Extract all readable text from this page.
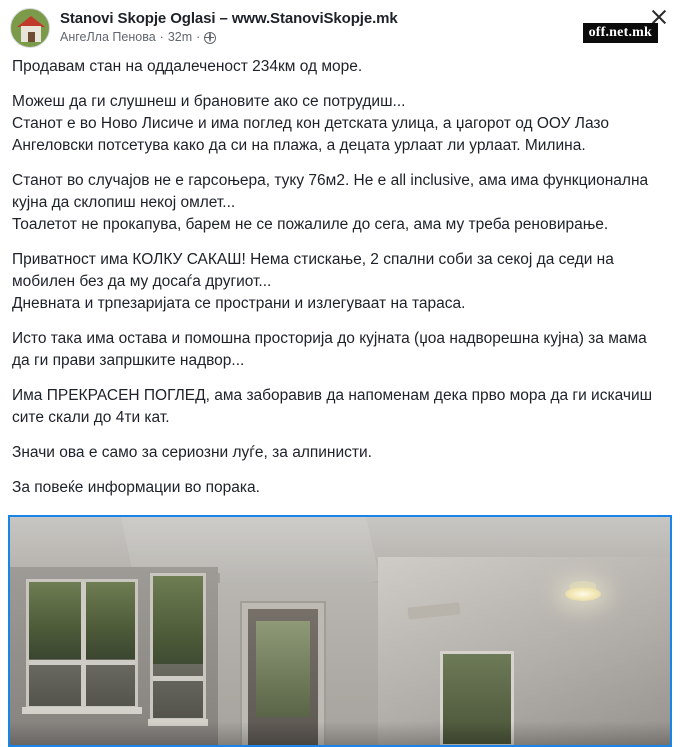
Stanovi Skopje Oglasi – www.StanoviSkopje.mk
АнгеЛла Пенова · 32m ·	off.net.mk

Продавам стан на оддалеченост 234км од море.

Можеш да ги слушнеш и брановите ако се потрудиш...
Станот е во Ново Лисиче и има поглед кон детската улица, а џагорот од ООУ Лазо Ангеловски потсетува како да си на плажа, а децата урлаат ли урлаат. Милина.

Станот во случајов не е гарсоњера, туку 76м2. Не е all inclusive, ама има функционална кујна да склопиш некој омлет...
Тоалетот не прокапува, барем не се пожалиле до сега, ама му треба реновирање.

Приватност има КОЛКУ САКАШ! Нема стискање, 2 спални соби за секој да седи на мобилен без да му досаѓа другиот...
Дневната и трпезаријата се пространи и излегуваат на тараса.

Исто така има остава и помошна просторија до кујната (џоа надворешна кујна) за мама да ги прави запршките надвор...

Има ПРЕКРАСЕН ПОГЛЕД, ама заборавив да напоменам дека прво мора да ги искачиш сите скали до 4ти кат.

Значи ова е само за сериозни луѓе, за алпинисти.

За повеќе информации во порака.
